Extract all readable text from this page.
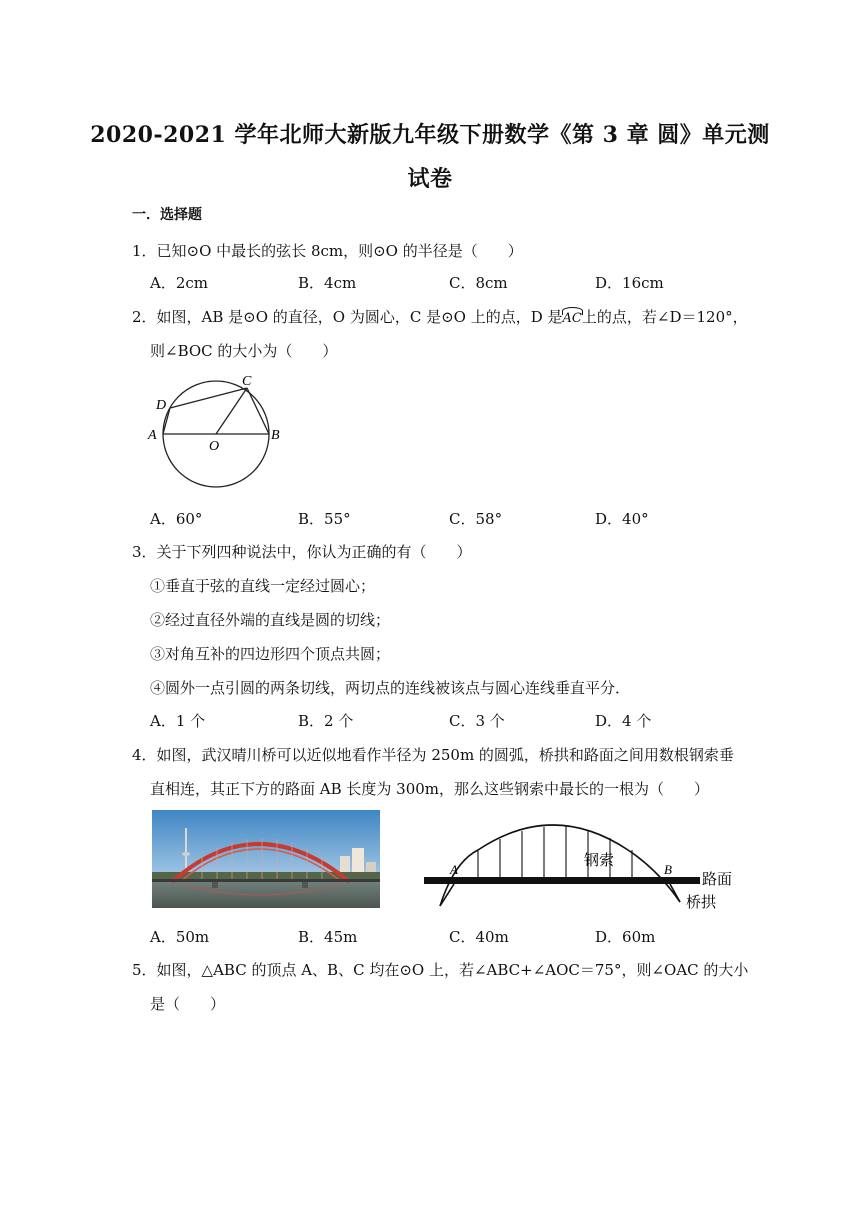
2020-2021 学年北师大新版九年级下册数学《第 3 章 圆》单元测
试卷
一．选择题
1．已知⊙O 中最长的弦长 8cm，则⊙O 的半径是（　　）
A．2cm	B．4cm	C．8cm	D．16cm
2．如图，AB 是⊙O 的直径，O 为圆心，C 是⊙O 上的点，D 是AC上的点，若∠D＝120°，
则∠BOC 的大小为（　　）
A	B
C
D
O
A．60°	B．55°	C．58°	D．40°
3．关于下列四种说法中，你认为正确的有（　　）
①垂直于弦的直线一定经过圆心；
②经过直径外端的直线是圆的切线；
③对角互补的四边形四个顶点共圆；
④圆外一点引圆的两条切线，两切点的连线被该点与圆心连线垂直平分．
A．1 个	B．2 个	C．3 个	D．4 个
4．如图，武汉晴川桥可以近似地看作半径为 250m 的圆弧，桥拱和路面之间用数根钢索垂
直相连，其正下方的路面 AB 长度为 300m，那么这些钢索中最长的一根为（　　）
A	B
钢索
路面
桥拱
A．50m	B．45m	C．40m	D．60m
5．如图，△ABC 的顶点 A、B、C 均在⊙O 上，若∠ABC+∠AOC＝75°，则∠OAC 的大小
是（　　）
